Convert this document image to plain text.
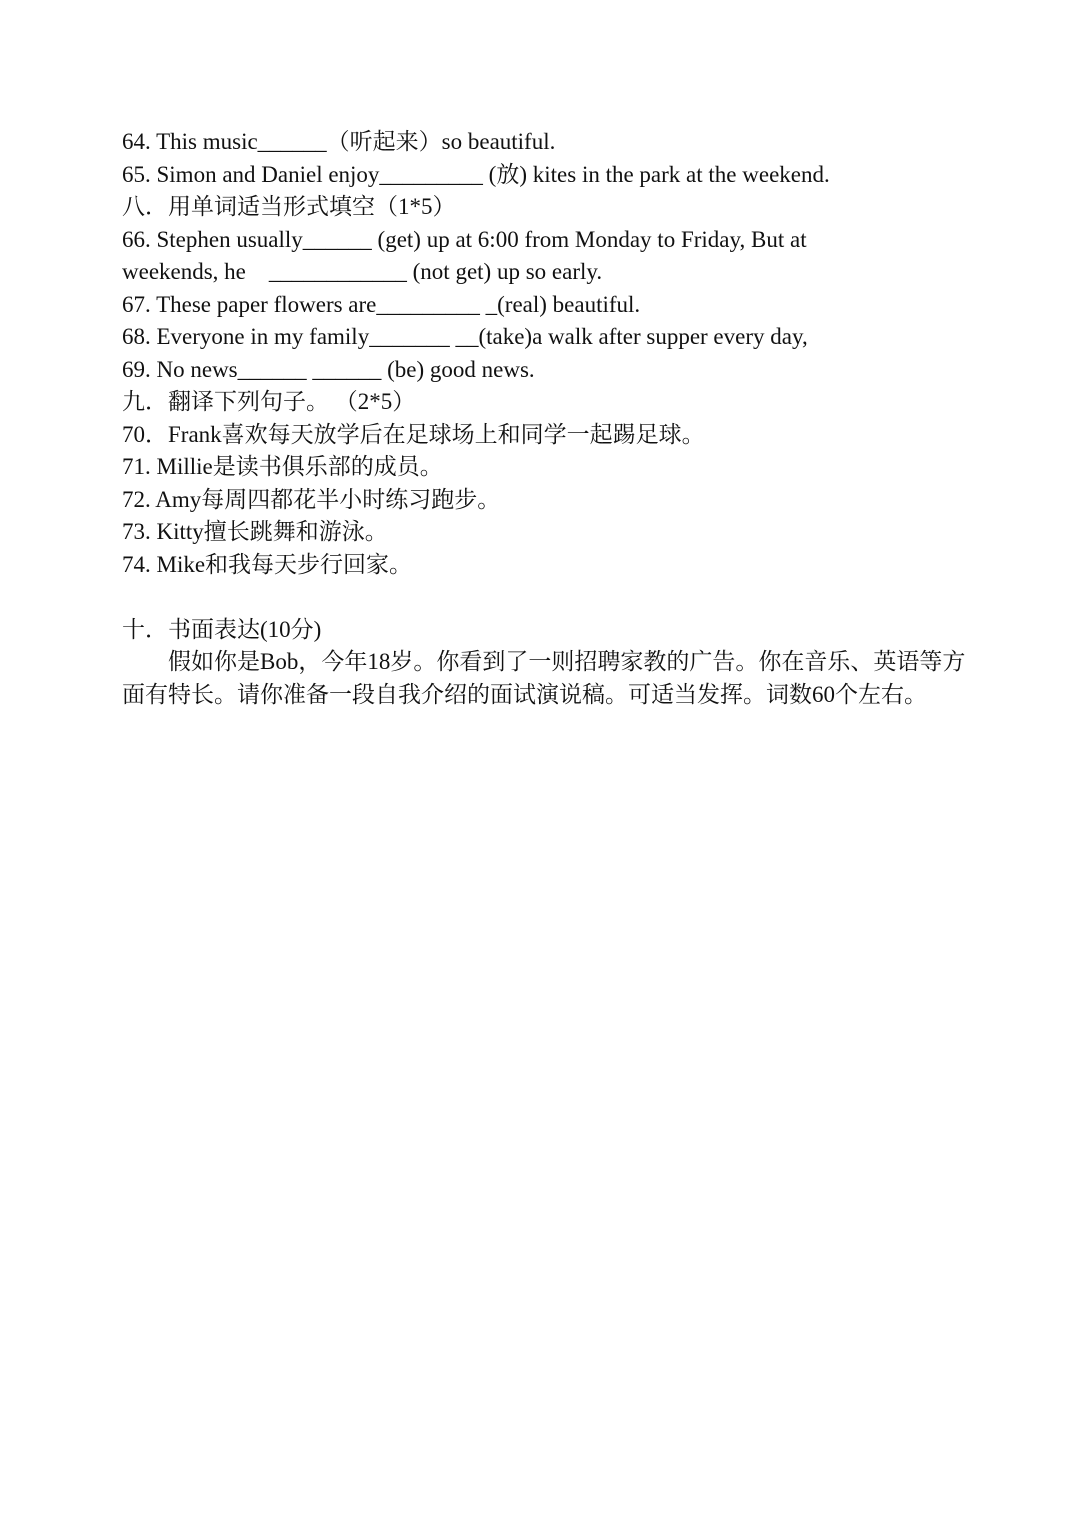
64. This music______（听起来）so beautiful.

65. Simon and Daniel enjoy_________ (放) kites in the park at the weekend.

八．用单词适当形式填空（1*5）

66. Stephen usually______ (get) up at 6:00 from Monday to Friday, But at

weekends, he    ____________ (not get) up so early.

67. These paper flowers are_________ _(real) beautiful.

68. Everyone in my family_______ __(take)a walk after supper every day,

69. No news______ ______ (be) good news.

九．翻译下列句子。 （2*5）

70．Frank喜欢每天放学后在足球场上和同学一起踢足球。

71. Millie是读书俱乐部的成员。

72. Amy每周四都花半小时练习跑步。

73. Kitty擅长跳舞和游泳。

74. Mike和我每天步行回家。

十．书面表达(10分)

假如你是Bob，今年18岁。你看到了一则招聘家教的广告。你在音乐、英语等方面有特长。请你准备一段自我介绍的面试演说稿。可适当发挥。词数60个左右。
